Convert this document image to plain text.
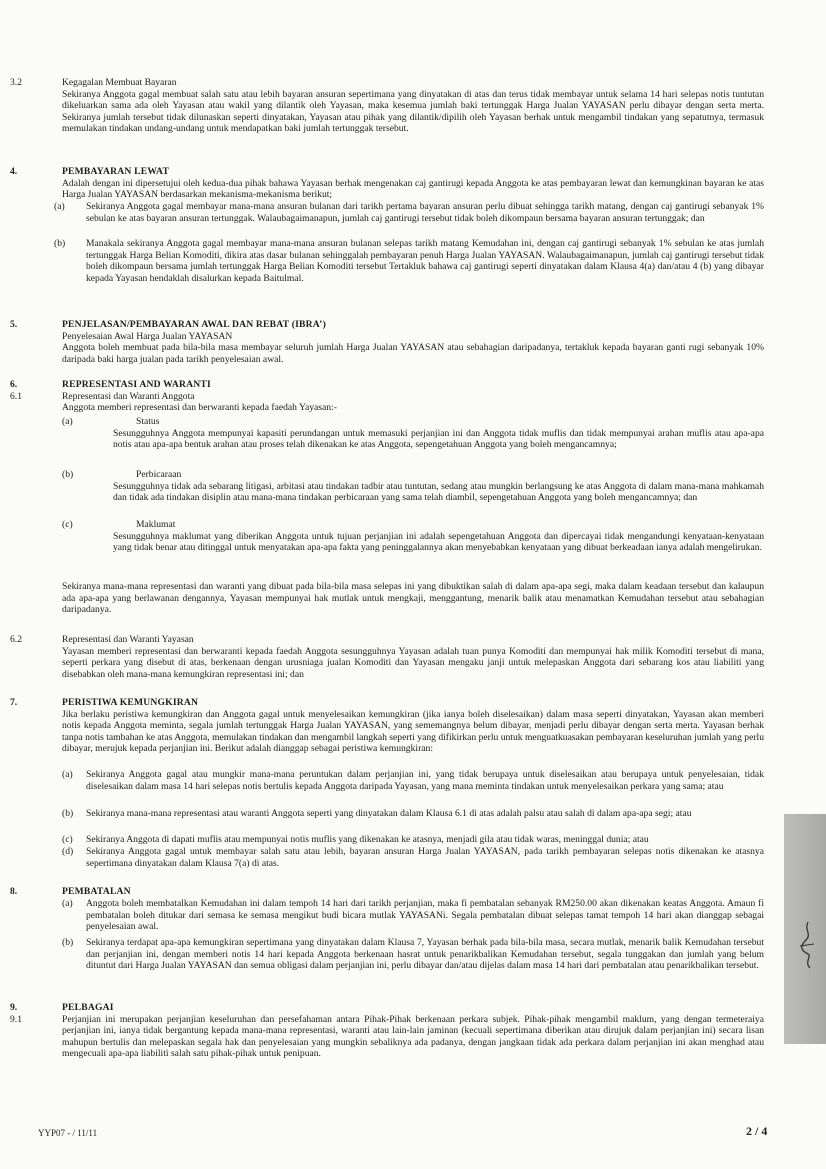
3.2	Kegagalan Membuat Bayaran
Sekiranya Anggota gagal membuat salah satu atau lebih bayaran ansuran sepertimana yang dinyatakan di atas dan terus tidak membayar untuk selama 14 hari selepas notis tuntutan dikeluarkan sama ada oleh Yayasan atau wakil yang dilantik oleh Yayasan, maka kesemua jumlah baki tertunggak Harga Jualan YAYASAN perlu dibayar dengan serta merta. Sekiranya jumlah tersebut tidak dilunaskan seperti dinyatakan, Yayasan atau pihak yang dilantik/dipilih oleh Yayasan berhak untuk mengambil tindakan yang sepatutnya, termasuk memulakan tindakan undang-undang untuk mendapatkan baki jumlah tertunggak tersebut.
4.	PEMBAYARAN LEWAT
Adalah dengan ini dipersetujui oleh kedua-dua pihak bahawa Yayasan berhak mengenakan caj gantirugi kepada Anggota ke atas pembayaran lewat dan kemungkinan bayaran ke atas Harga Jualan YAYASAN berdasarkan mekanisma-mekanisma berikut;
(a) Sekiranya Anggota gagal membayar mana-mana ansuran bulanan dari tarikh pertama bayaran ansuran perlu dibuat sehingga tarikh matang, dengan caj gantirugi sebanyak 1% sebulan ke atas bayaran ansuran tertunggak. Walaubagaimanapun, jumlah caj gantirugi tersebut tidak boleh dikompaun bersama bayaran ansuran tertunggak; dan
(b) Manakala sekiranya Anggota gagal membayar mana-mana ansuran bulanan selepas tarikh matang Kemudahan ini, dengan caj gantirugi sebanyak 1% sebulan ke atas jumlah tertunggak Harga Belian Komoditi, dikira atas dasar bulanan sehinggalah pembayaran penuh Harga Jualan YAYASAN. Walaubagaimanapun, jumlah caj gantirugi tersebut tidak boleh dikompaun bersama jumlah tertunggak Harga Belian Komoditi tersebut Tertakluk bahawa caj gantirugi seperti dinyatakan dalam Klausa 4(a) dan/atau 4 (b) yang dibayar kepada Yayasan hendaklah disalurkan kepada Baitulmal.
5.	PENJELASAN/PEMBAYARAN AWAL DAN REBAT (IBRA’)
Penyelesaian Awal Harga Jualan YAYASAN
Anggota boleh membuat pada bila-bila masa membayar seluruh jumlah Harga Jualan YAYASAN atau sebahagian daripadanya, tertakluk kepada bayaran ganti rugi sebanyak 10% daripada baki harga jualan pada tarikh penyelesaian awal.
6.	REPRESENTASI AND WARANTI
6.1	Representasi dan Waranti Anggota
Anggota memberi representasi dan berwaranti kepada faedah Yayasan:-
(a)	Status
Sesungguhnya Anggota mempunyai kapasiti perundangan untuk memasuki perjanjian ini dan Anggota tidak muflis dan tidak mempunyai arahan muflis atau apa-apa notis atau apa-apa bentuk arahan atau proses telah dikenakan ke atas Anggota, sepengetahuan Anggota yang boleh mengancamnya;
(b)	Perbicaraan
Sesungguhnya tidak ada sebarang litigasi, arbitasi atau tindakan tadbir atau tuntutan, sedang atau mungkin berlangsung ke atas Anggota di dalam mana-mana mahkamah dan tidak ada tindakan disiplin atau mana-mana tindakan perbicaraan yang sama telah diambil, sepengetahuan Anggota yang boleh mengancamnya; dan
(c)	Maklumat
Sesungguhnya maklumat yang diberikan Anggota untuk tujuan perjanjian ini adalah sepengetahuan Anggota dan dipercayai tidak mengandungi kenyataan-kenyataan yang tidak benar atau ditinggal untuk menyatakan apa-apa fakta yang peninggalannya akan menyebabkan kenyataan yang dibuat berkeadaan ianya adalah mengelirukan.
Sekiranya mana-mana representasi dan waranti yang dibuat pada bila-bila masa selepas ini yang dibuktikan salah di dalam apa-apa segi, maka dalam keadaan tersebut dan kalaupun ada apa-apa yang berlawanan dengannya, Yayasan mempunyai hak mutlak untuk mengkaji, menggantung, menarik balik atau menamatkan Kemudahan tersebut atau sebahagian daripadanya.
6.2	Representasi dan Waranti Yayasan
Yayasan memberi representasi dan berwaranti kepada faedah Anggota sesungguhnya Yayasan adalah tuan punya Komoditi dan mempunyai hak milik Komoditi tersebut di mana, seperti perkara yang disebut di atas, berkenaan dengan urusniaga jualan Komoditi dan Yayasan mengaku janji untuk melepaskan Anggota dari sebarang kos atau liabiliti yang disebabkan oleh mana-mana kemungkiran representasi ini; dan
7.	PERISTIWA KEMUNGKIRAN
Jika berlaku peristiwa kemungkiran dan Anggota gagal untuk menyelesaikan kemungkiran (jika ianya boleh diselesaikan) dalam masa seperti dinyatakan, Yayasan akan memberi notis kepada Anggota meminta, segala jumlah tertunggak Harga Jualan YAYASAN, yang sememangnya belum dibayar, menjadi perlu dibayar dengan serta merta. Yayasan berhak tanpa notis tambahan ke atas Anggota, memulakan tindakan dan mengambil langkah seperti yang difikirkan perlu untuk menguatkuasakan pembayaran keseluruhan jumlah yang perlu dibayar, merujuk kepada perjanjian ini. Berikut adalah dianggap sebagai peristiwa kemungkiran:
(a) Sekiranya Anggota gagal atau mungkir mana-mana peruntukan dalam perjanjian ini, yang tidak berupaya untuk diselesaikan atau berupaya untuk penyelesaian, tidak diselesaikan dalam masa 14 hari selepas notis bertulis kepada Anggota daripada Yayasan, yang mana meminta tindakan untuk menyelesaikan perkara yang sama; atau
(b) Sekiranya mana-mana representasi atau waranti Anggota seperti yang dinyatakan dalam Klausa 6.1 di atas adalah palsu atau salah di dalam apa-apa segi; atau
(c) Sekiranya Anggota di dapati muflis atau mempunyai notis muflis yang dikenakan ke atasnya, menjadi gila atau tidak waras, meninggal dunia; atau
(d) Sekiranya Anggota gagal untuk membayar salah satu atau lebih, bayaran ansuran Harga Jualan YAYASAN, pada tarikh pembayaran selepas notis dikenakan ke atasnya sepertimana dinyatakan dalam Klausa 7(a) di atas.
8.	PEMBATALAN
(a) Anggota boleh membatalkan Kemudahan ini dalam tempoh 14 hari dari tarikh perjanjian, maka fi pembatalan sebanyak RM250.00 akan dikenakan keatas Anggota. Amaun fi pembatalan boleh ditukar dari semasa ke semasa mengikut budi bicara mutlak YAYASANi. Segala pembatalan dibuat selepas tamat tempoh 14 hari akan dianggap sebagai penyelesaian awal.
(b) Sekiranya terdapat apa-apa kemungkiran sepertimana yang dinyatakan dalam Klausa 7, Yayasan berhak pada bila-bila masa, secara mutlak, menarik balik Kemudahan tersebut dan perjanjian ini, dengan memberi notis 14 hari kepada Anggota berkenaan hasrat untuk penarikbalikan Kemudahan tersebut, segala tunggakan dan jumlah yang belum dituntut dari Harga Jualan YAYASAN dan semua obligasi dalam perjanjian ini, perlu dibayar dan/atau dijelas dalam masa 14 hari dari pembatalan atau penarikbalikan tersebut.
9.	PELBAGAI
9.1	Perjanjian ini merupakan perjanjian keseluruhan dan persefahaman antara Pihak-Pihak berkenaan perkara subjek. Pihak-pihak mengambil maklum, yang dengan termeteraiya perjanjian ini, ianya tidak bergantung kepada mana-mana representasi, waranti atau lain-lain jaminan (kecuali sepertimana diberikan atau dirujuk dalam perjanjian ini) secara lisan mahupun bertulis dan melepaskan segala hak dan penyelesaian yang mungkin sebaliknya ada padanya, dengan jangkaan tidak ada perkara dalam perjanjian ini akan menghad atau mengecuali apa-apa liabiliti salah satu pihak-pihak untuk penipuan.
YYP07 - / 11/11	2 / 4
